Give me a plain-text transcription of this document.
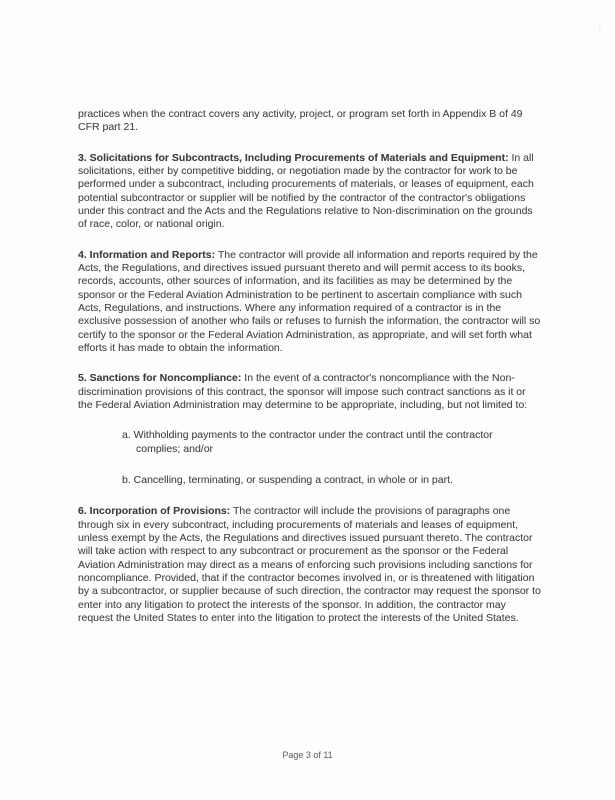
:

practices when the contract covers any activity, project, or program set forth in Appendix B of 49 CFR part 21.

3. Solicitations for Subcontracts, Including Procurements of Materials and Equipment: In all solicitations, either by competitive bidding, or negotiation made by the contractor for work to be performed under a subcontract, including procurements of materials, or leases of equipment, each potential subcontractor or supplier will be notified by the contractor of the contractor's obligations under this contract and the Acts and the Regulations relative to Non-discrimination on the grounds of race, color, or national origin.

4. Information and Reports: The contractor will provide all information and reports required by the Acts, the Regulations, and directives issued pursuant thereto and will permit access to its books, records, accounts, other sources of information, and its facilities as may be determined by the sponsor or the Federal Aviation Administration to be pertinent to ascertain compliance with such Acts, Regulations, and instructions. Where any information required of a contractor is in the exclusive possession of another who fails or refuses to furnish the information, the contractor will so certify to the sponsor or the Federal Aviation Administration, as appropriate, and will set forth what efforts it has made to obtain the information.

5. Sanctions for Noncompliance: In the event of a contractor's noncompliance with the Non-discrimination provisions of this contract, the sponsor will impose such contract sanctions as it or the Federal Aviation Administration may determine to be appropriate, including, but not limited to:

a. Withholding payments to the contractor under the contract until the contractor complies; and/or

b. Cancelling, terminating, or suspending a contract, in whole or in part.

6. Incorporation of Provisions: The contractor will include the provisions of paragraphs one through six in every subcontract, including procurements of materials and leases of equipment, unless exempt by the Acts, the Regulations and directives issued pursuant thereto. The contractor will take action with respect to any subcontract or procurement as the sponsor or the Federal Aviation Administration may direct as a means of enforcing such provisions including sanctions for noncompliance. Provided, that if the contractor becomes involved in, or is threatened with litigation by a subcontractor, or supplier because of such direction, the contractor may request the sponsor to enter into any litigation to protect the interests of the sponsor. In addition, the contractor may request the United States to enter into the litigation to protect the interests of the United States.

Page 3 of 11
